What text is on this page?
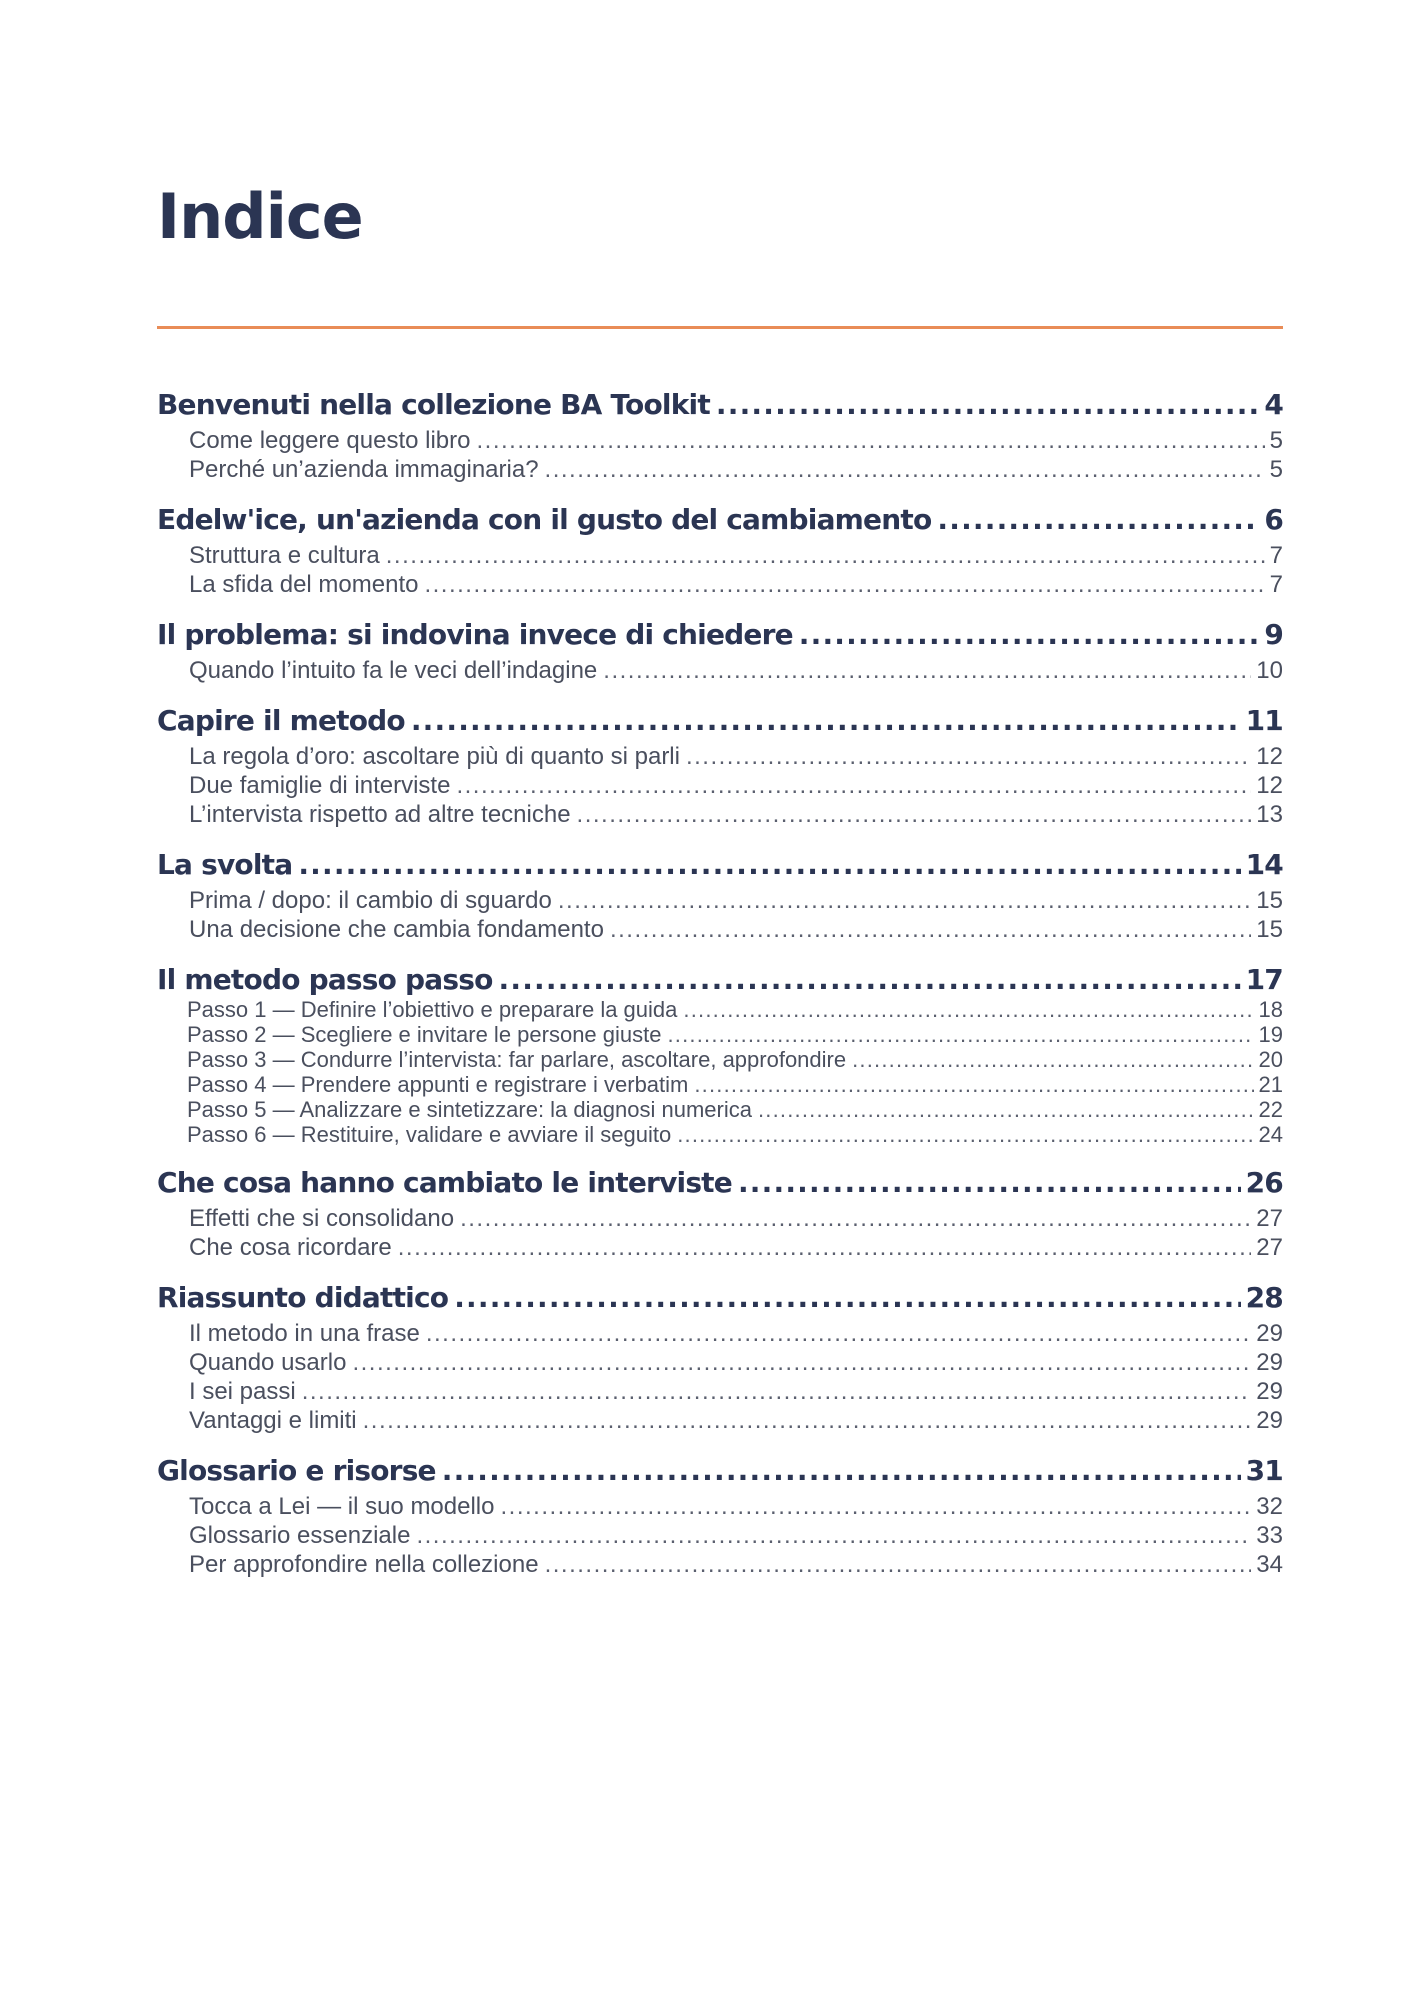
Indice
Benvenuti nella collezione BA Toolkit .....	4
Come leggere questo libro .....	5
Perché un’azienda immaginaria? .....	5
Edelw'ice, un'azienda con il gusto del cambiamento .....	6
Struttura e cultura .....	7
La sfida del momento .....	7
Il problema: si indovina invece di chiedere .....	9
Quando l’intuito fa le veci dell’indagine .....	10
Capire il metodo .....	11
La regola d’oro: ascoltare più di quanto si parli .....	12
Due famiglie di interviste .....	12
L’intervista rispetto ad altre tecniche .....	13
La svolta .....	14
Prima / dopo: il cambio di sguardo .....	15
Una decisione che cambia fondamento .....	15
Il metodo passo passo .....	17
Passo 1 — Definire l’obiettivo e preparare la guida .....	18
Passo 2 — Scegliere e invitare le persone giuste .....	19
Passo 3 — Condurre l’intervista: far parlare, ascoltare, approfondire .....	20
Passo 4 — Prendere appunti e registrare i verbatim .....	21
Passo 5 — Analizzare e sintetizzare: la diagnosi numerica .....	22
Passo 6 — Restituire, validare e avviare il seguito .....	24
Che cosa hanno cambiato le interviste .....	26
Effetti che si consolidano .....	27
Che cosa ricordare .....	27
Riassunto didattico .....	28
Il metodo in una frase .....	29
Quando usarlo .....	29
I sei passi .....	29
Vantaggi e limiti .....	29
Glossario e risorse .....	31
Tocca a Lei — il suo modello .....	32
Glossario essenziale .....	33
Per approfondire nella collezione .....	34
